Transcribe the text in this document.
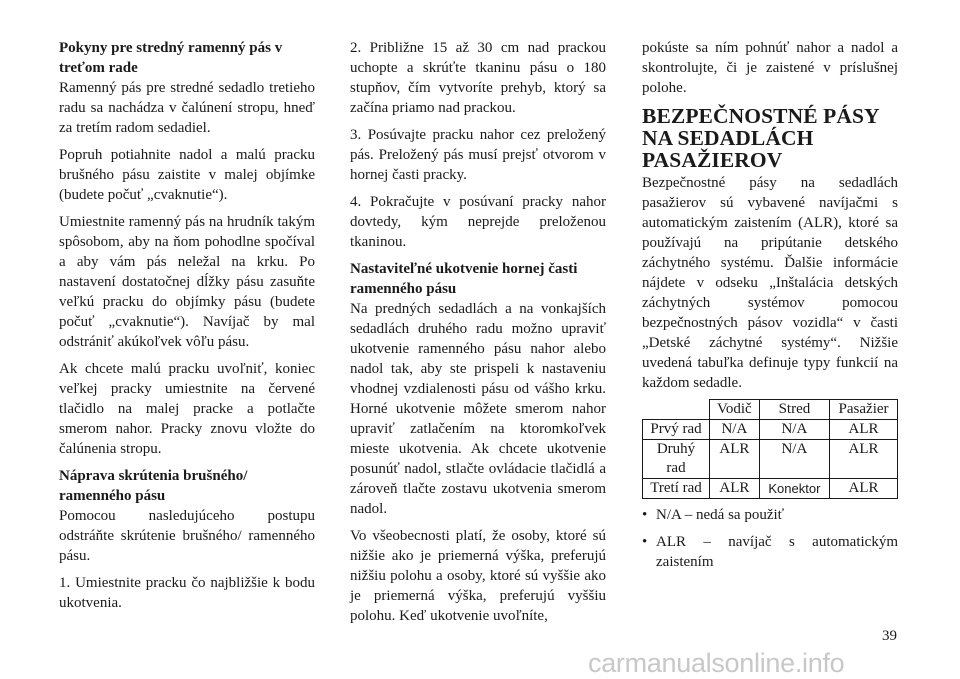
Pokyny pre stredný ramenný pás v treťom rade

Ramenný pás pre stredné sedadlo tretieho radu sa nachádza v čalúnení stropu, hneď za tretím radom sedadiel.

Popruh potiahnite nadol a malú pracku brušného pásu zaistite v malej objímke (budete počuť „cvaknutie“).

Umiestnite ramenný pás na hrudník takým spôsobom, aby na ňom pohodlne spočíval a aby vám pás neležal na krku. Po nastavení dostatočnej dĺžky pásu zasuňte veľkú pracku do objímky pásu (budete počuť „cvaknutie“). Navíjač by mal odstrániť akúkoľvek vôľu pásu.

Ak chcete malú pracku uvoľniť, koniec veľkej pracky umiestnite na červené tlačidlo na malej pracke a potlačte smerom nahor. Pracky znovu vložte do čalúnenia stropu.

Náprava skrútenia brušného/ ramenného pásu

Pomocou nasledujúceho postupu odstráňte skrútenie brušného/ ramenného pásu.

1. Umiestnite pracku čo najbližšie k bodu ukotvenia.

2. Približne 15 až 30 cm nad prackou uchopte a skrúťte tkaninu pásu o 180 stupňov, čím vytvoríte prehyb, ktorý sa začína priamo nad prackou.

3. Posúvajte pracku nahor cez preložený pás. Preložený pás musí prejsť otvorom v hornej časti pracky.

4. Pokračujte v posúvaní pracky nahor dovtedy, kým neprejde preloženou tkaninou.

Nastaviteľné ukotvenie hornej časti ramenného pásu

Na predných sedadlách a na vonkajších sedadlách druhého radu možno upraviť ukotvenie ramenného pásu nahor alebo nadol tak, aby ste prispeli k nastaveniu vhodnej vzdialenosti pásu od vášho krku. Horné ukotvenie môžete smerom nahor upraviť zatlačením na ktoromkoľvek mieste ukotvenia. Ak chcete ukotvenie posunúť nadol, stlačte ovládacie tlačidlá a zároveň tlačte zostavu ukotvenia smerom nadol.

Vo všeobecnosti platí, že osoby, ktoré sú nižšie ako je priemerná výška, preferujú nižšiu polohu a osoby, ktoré sú vyššie ako je priemerná výška, preferujú vyššiu polohu. Keď ukotvenie uvoľníte,

pokúste sa ním pohnúť nahor a nadol a skontrolujte, či je zaistené v príslušnej polohe.

BEZPEČNOSTNÉ PÁSY NA SEDADLÁCH PASAŽIEROV

Bezpečnostné pásy na sedadlách pasažierov sú vybavené navíjačmi s automatickým zaistením (ALR), ktoré sa používajú na pripútanie detského záchytného systému. Ďalšie informácie nájdete v odseku „Inštalácia detských záchytných systémov pomocou bezpečnostných pásov vozidla“ v časti „Detské záchytné systémy“. Nižšie uvedená tabuľka definuje typy funkcií na každom sedadle.

	Vodič	Stred	Pasažier
Prvý rad	N/A	N/A	ALR
Druhý rad	ALR	N/A	ALR
Tretí rad	ALR	Konektor	ALR
• N/A – nedá sa použiť
• ALR – navíjač s automatickým zaistením
39
carmanualsonline.info
